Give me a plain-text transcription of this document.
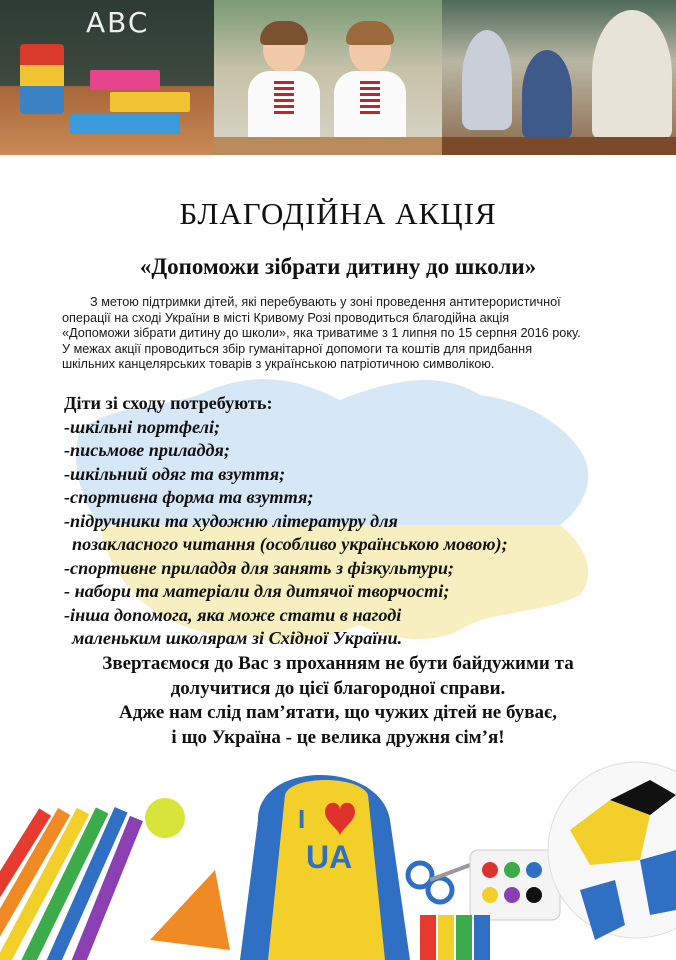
ABC
БЛАГОДІЙНА АКЦІЯ
«Допоможи зібрати дитину до школи»
З метою підтримки дітей, які перебувають у зоні проведення антитерористичної
операції на сході України в місті Кривому Розі проводиться благодійна акція
«Допоможи зібрати дитину до школи», яка триватиме з 1 липня по 15 серпня 2016 року.
У межах акції проводиться збір гуманітарної допомоги та коштів для придбання
шкільних канцелярських товарів з українською патріотичною символікою.
Діти зі сходу потребують:
-шкільні портфелі;
-письмове приладдя;
-шкільний одяг та взуття;
-спортивна форма та взуття;
-підручники та художню літературу для
позакласного читання (особливо українською мовою);
-спортивне приладдя для занять з фізкультури;
- набори та матеріали для дитячої творчості;
-інша допомога, яка може стати в нагоді
маленьким школярам зі Східної України.
Звертаємося до Вас з проханням не бути байдужими та
долучитися до цієї благородної справи.
Адже нам слід пам’ятати, що чужих дітей не буває,
і що Україна - це велика дружня сім’я!
I
UA
